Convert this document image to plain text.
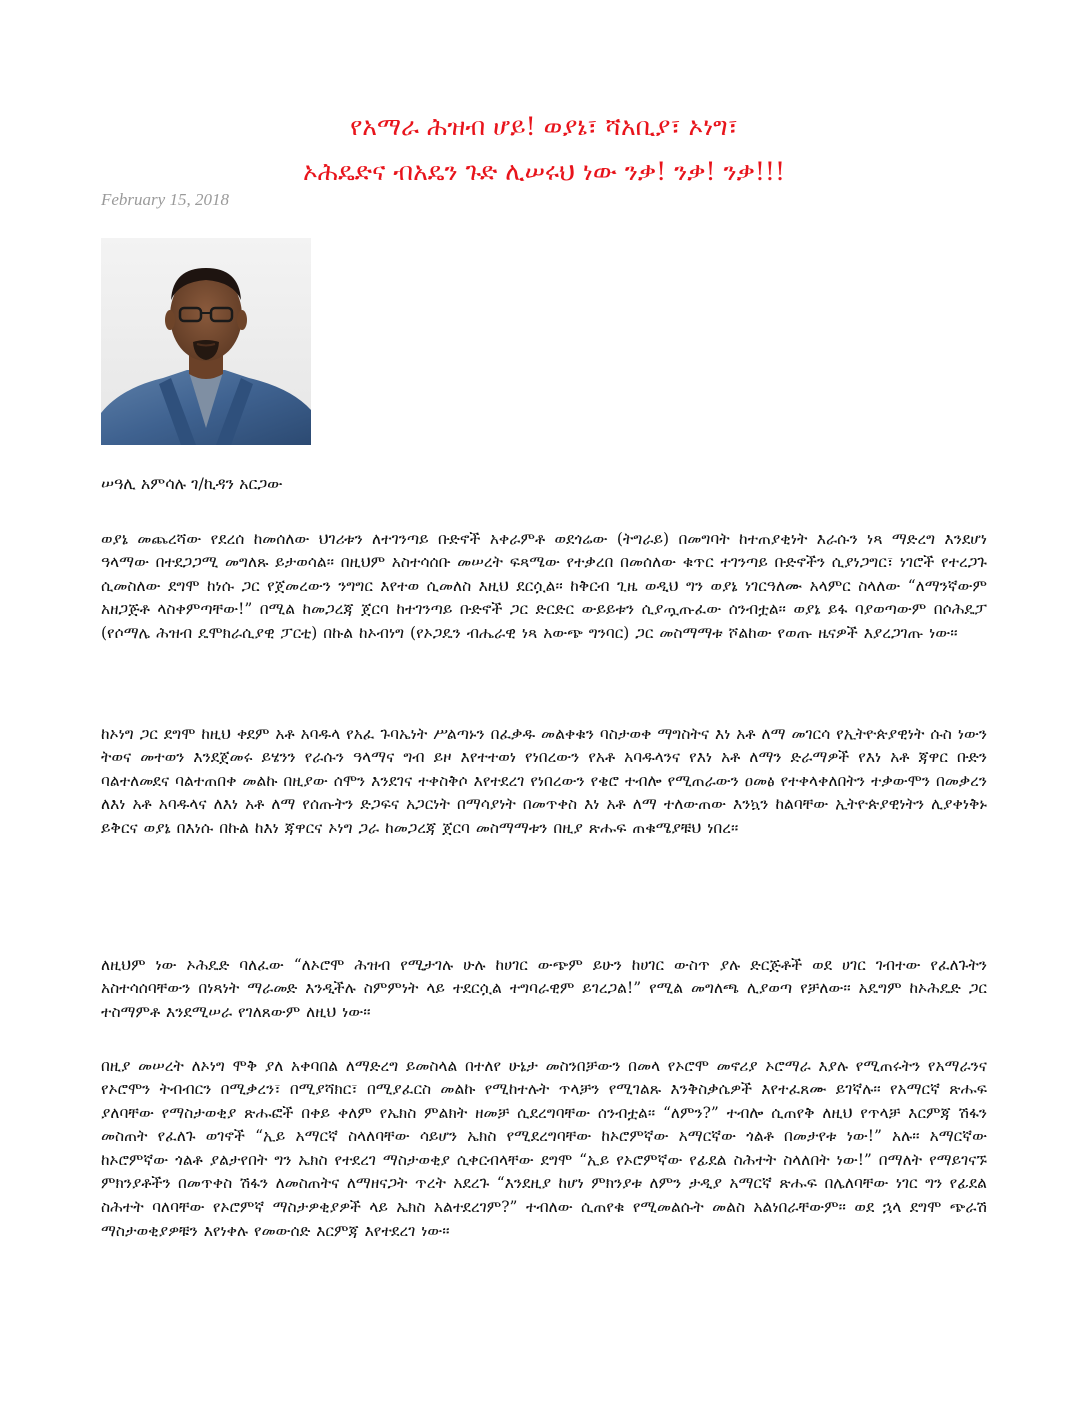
የአማራ ሕዝብ ሆይ! ወያኔ፣ ሻአቢያ፣ ኦነግ፣
ኦሕዴድና ብአዴን ጉድ ሊሠሩህ ነው ንቃ! ንቃ! ንቃ!!!
February 15, 2018
ሠዓሊ አምሳሉ ገ/ኪዳን አርጋው

ወያኔ መጨረሻው የደረሰ ከመሰለው ህገሪቱን ለተገንጣይ ቡድኖች አቀራምቶ ወደጎሬው (ትግራይ) በመግባት ከተጠያቂነት እራሱን ነጻ ማድረግ እንደሆነ ዓላማው በተደጋጋሚ መግለጹ ይታወሳል፡፡ በዚህም አስተሳሰቡ መሠረት ፍጻሜው የተቃረበ በመሰለው ቁጥር ተገንጣይ ቡድኖችን ሲያነጋግር፣ ነገሮች የተረጋጉ ሲመስለው ደግሞ ከነሱ ጋር የጀመረውን ንግግር እየተወ ሲመለስ እዚህ ደርሷል፡፡ ከቅርብ ጊዜ ወዲህ ግን ወያኔ ነገርዓለሙ አላምር ስላለው “ለማንኛውም አዘጋጅቶ ላስቀምጣቸው!” በሚል ከመጋረጃ ጀርባ ከተገንጣይ ቡድኖች ጋር ድርድር ውይይቱን ሲያጧጡፈው ሰንብቷል፡፡ ወያኔ ይፋ ባያወጣውም በሶሕዴፓ (የሶማሌ ሕዝብ ዴሞክራሲያዊ ፓርቲ) በኩል ከኦብነግ (የኦጋዴን ብሔራዊ ነጻ አውጭ ግንባር) ጋር መስማማቱ ሾልከው የወጡ ዜናዎች እያረጋገጡ ነው፡፡

ከኦነግ ጋር ደግሞ ከዚህ ቀደም አቶ አባዱላ የአፈ ጉባኤነት ሥልጣኑን በፈቃዱ መልቀቁን ባስታወቀ ማግስትና እነ አቶ ለማ መገርሳ የኢትዮጵያዊነት ሱስ ነውን ትወና መተወን እንደጀመሩ ይሄንን የራሱን ዓላማና ግብ ይዞ እየተተወነ የነበረውን የአቶ አባዱላንና የእነ አቶ ለማን ድራማዎች የእነ አቶ ጃዋር ቡድን ባልተለመደና ባልተጠበቀ መልኩ በዚያው ሰሞን እንደገና ተቀስቅሶ እየተደረገ የነበረውን የቄሮ ተብሎ የሚጠራውን ዐመፅ የተቀላቀለበትን ተቃውሞን በመቃረን ለእነ አቶ አባዱላና ለእነ አቶ ለማ የሰጡትን ድጋፍና አጋርነት በማሳያነት በመጥቀስ እነ አቶ ለማ ተለውጠው እንኳን ከልባቸው ኢትዮጵያዊነትን ሊያቀነቅኑ ይቅርና ወያኔ በእነሱ በኩል ከእነ ጃዋርና ኦነግ ጋራ ከመጋረጃ ጀርባ መስማማቱን በዚያ ጽሑፍ ጠቁሜያቹህ ነበረ፡፡

ለዚህም ነው ኦሕዴድ ባለፈው “ለኦሮሞ ሕዝብ የሚታገሉ ሁሉ ከሀገር ውጭም ይሁን ከሀገር ውስጥ ያሉ ድርጅቶች ወደ ሀገር ገብተው የፈለጉትን አስተሳሰባቸውን በነጻነት ማራመድ እንዲችሉ ስምምነት ላይ ተደርሷል ተግባራዊም ይገረጋል!” የሚል መግለጫ ሊያወጣ የቻለው፡፡ አዴግም ከኦሕዴድ ጋር ተስማምቶ እንደሚሠራ የገለጸውም ለዚህ ነው፡፡

በዚያ መሠረት ለኦነግ ሞቅ ያለ አቀባበል ለማድረግ ይመስላል በተለየ ሁኔታ መስንበቻውን በመላ የኦሮሞ መኖሪያ ኦሮማራ እያሉ የሚጠሩትን የአማራንና የኦሮሞን ትብብርን በሚቃረን፣ በሚያሻክር፣ በሚያፈርስ መልኩ የሚከተሉት ጥላቻን የሚገልጹ እንቅስቃሴዎች እየተፈጸሙ ይገኛሉ፡፡ የአማርኛ ጽሑፍ ያለባቸው የማስታወቂያ ጽሑፎች በቀይ ቀለም የኤክስ ምልክት ዘመቻ ሲደረግባቸው ሰንብቷል፡፡ “ለምን?” ተብሎ ሲጠየቅ ለዚህ የጥላቻ እርምጃ ሽፋን መስጠት የፈለጉ ወገኖች “ኢይ አማርኛ ስላለባቸው ሳይሆን ኤክስ የሚደረግባቸው ከኦሮምኛው አማርኛው ጎልቶ በመታየቱ ነው!” አሉ፡፡ አማርኛው ከኦሮምኛው ጎልቶ ያልታየበት ግን ኤክስ የተደረገ ማስታወቂያ ሲቀርብላቸው ደግሞ “ኢይ የኦሮምኛው የፊደል ስሕተት ስላለበት ነው!” በማለት የማይገናኙ ምክንያቶችን በመጥቀስ ሽፋን ለመስጠትና ለማዘናጋት ጥረት አደረጉ “እንደዚያ ከሆነ ምክንያቱ ለምን ታዲያ አማርኛ ጽሑፍ በሌለባቸው ነገር ግን የፊደል ስሕተት ባለባቸው የኦሮምኛ ማስታዎቂያዎች ላይ ኤክስ አልተደረገም?” ተብለው ሲጠየቁ የሚመልሱት መልስ አልነበራቸውም፡፡ ወደ ኋላ ደግሞ ጭራሽ ማስታወቂያዎቹን እየነቀሉ የመውሰድ እርምጃ እየተደረገ ነው፡፡
